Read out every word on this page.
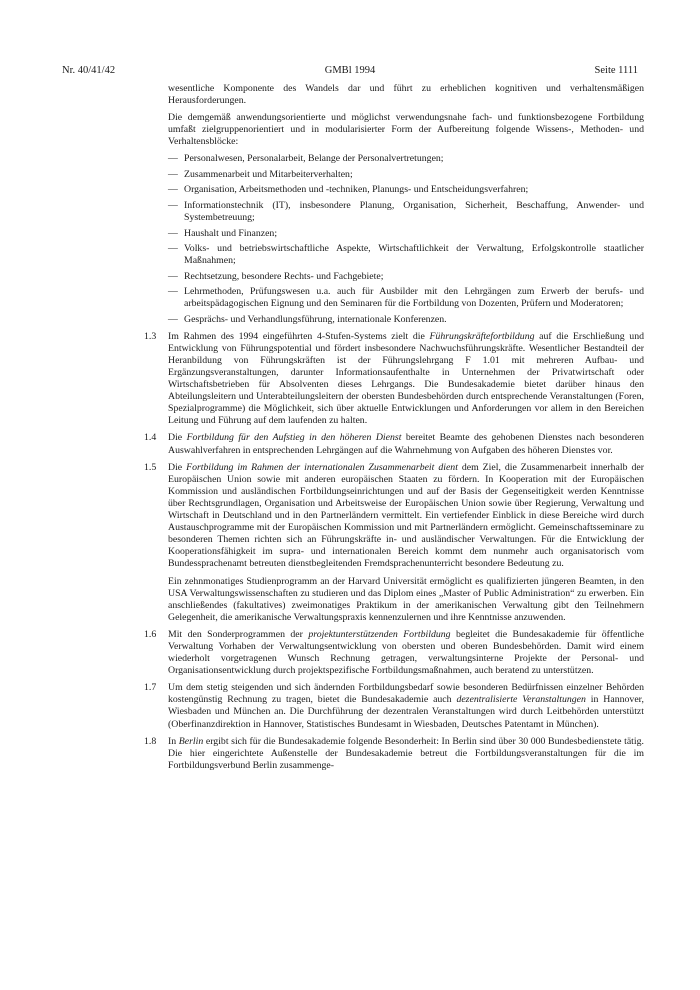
Nr. 40/41/42	GMBl 1994	Seite 1111

wesentliche Komponente des Wandels dar und führt zu erheblichen kognitiven und verhaltensmäßigen Herausforderungen.

Die demgemäß anwendungsorientierte und möglichst verwendungsnahe fach- und funktionsbezogene Fortbildung umfaßt zielgruppenorientiert und in modularisierter Form der Aufbereitung folgende Wissens-, Methoden- und Verhaltensblöcke:

— Personalwesen, Personalarbeit, Belange der Personalvertretungen;
— Zusammenarbeit und Mitarbeiterverhalten;
— Organisation, Arbeitsmethoden und -techniken, Planungs- und Entscheidungsverfahren;
— Informationstechnik (IT), insbesondere Planung, Organisation, Sicherheit, Beschaffung, Anwender- und Systembetreuung;
— Haushalt und Finanzen;
— Volks- und betriebswirtschaftliche Aspekte, Wirtschaftlichkeit der Verwaltung, Erfolgskontrolle staatlicher Maßnahmen;
— Rechtsetzung, besondere Rechts- und Fachgebiete;
— Lehrmethoden, Prüfungswesen u.a. auch für Ausbilder mit den Lehrgängen zum Erwerb der berufs- und arbeitspädagogischen Eignung und den Seminaren für die Fortbildung von Dozenten, Prüfern und Moderatoren;
— Gesprächs- und Verhandlungsführung, internationale Konferenzen.
1.3 Im Rahmen des 1994 eingeführten 4-Stufen-Systems zielt die Führungskräftefortbildung auf die Erschließung und Entwicklung von Führungspotential und fördert insbesondere Nachwuchsführungskräfte. Wesentlicher Bestandteil der Heranbildung von Führungskräften ist der Führungslehrgang F 1.01 mit mehreren Aufbau- und Ergänzungsveranstaltungen, darunter Informationsaufenthalte in Unternehmen der Privatwirtschaft oder Wirtschaftsbetrieben für Absolventen dieses Lehrgangs. Die Bundesakademie bietet darüber hinaus den Abteilungsleitern und Unterabteilungsleitern der obersten Bundesbehörden durch entsprechende Veranstaltungen (Foren, Spezialprogramme) die Möglichkeit, sich über aktuelle Entwicklungen und Anforderungen vor allem in den Bereichen Leitung und Führung auf dem laufenden zu halten.

1.4 Die Fortbildung für den Aufstieg in den höheren Dienst bereitet Beamte des gehobenen Dienstes nach besonderen Auswahlverfahren in entsprechenden Lehrgängen auf die Wahrnehmung von Aufgaben des höheren Dienstes vor.

1.5 Die Fortbildung im Rahmen der internationalen Zusammenarbeit dient dem Ziel, die Zusammenarbeit innerhalb der Europäischen Union sowie mit anderen europäischen Staaten zu fördern. In Kooperation mit der Europäischen Kommission und ausländischen Fortbildungseinrichtungen und auf der Basis der Gegenseitigkeit werden Kenntnisse über Rechtsgrundlagen, Organisation und Arbeitsweise der Europäischen Union sowie über Regierung, Verwaltung und Wirtschaft in Deutschland und in den Partnerländern vermittelt. Ein vertiefender Einblick in diese Bereiche wird durch Austauschprogramme mit der Europäischen Kommission und mit Partnerländern ermöglicht. Gemeinschaftsseminare zu besonderen Themen richten sich an Führungskräfte in- und ausländischer Verwaltungen. Für die Entwicklung der Kooperationsfähigkeit im supra- und internationalen Bereich kommt dem nunmehr auch organisatorisch vom Bundessprachenamt betreuten dienstbegleitenden Fremdsprachenunterricht besondere Bedeutung zu.

Ein zehnmonatiges Studienprogramm an der Harvard Universität ermöglicht es qualifizierten jüngeren Beamten, in den USA Verwaltungswissenschaften zu studieren und das Diplom eines „Master of Public Administration“ zu erwerben. Ein anschließendes (fakultatives) zweimonatiges Praktikum in der amerikanischen Verwaltung gibt den Teilnehmern Gelegenheit, die amerikanische Verwaltungspraxis kennenzulernen und ihre Kenntnisse anzuwenden.

1.6 Mit den Sonderprogrammen der projektunterstützenden Fortbildung begleitet die Bundesakademie für öffentliche Verwaltung Vorhaben der Verwaltungsentwicklung von obersten und oberen Bundesbehörden. Damit wird einem wiederholt vorgetragenen Wunsch Rechnung getragen, verwaltungsinterne Projekte der Personal- und Organisationsentwicklung durch projektspezifische Fortbildungsmaßnahmen, auch beratend zu unterstützen.

1.7 Um dem stetig steigenden und sich ändernden Fortbildungsbedarf sowie besonderen Bedürfnissen einzelner Behörden kostengünstig Rechnung zu tragen, bietet die Bundesakademie auch dezentralisierte Veranstaltungen in Hannover, Wiesbaden und München an. Die Durchführung der dezentralen Veranstaltungen wird durch Leitbehörden unterstützt (Oberfinanzdirektion in Hannover, Statistisches Bundesamt in Wiesbaden, Deutsches Patentamt in München).

1.8 In Berlin ergibt sich für die Bundesakademie folgende Besonderheit: In Berlin sind über 30 000 Bundesbedienstete tätig. Die hier eingerichtete Außenstelle der Bundesakademie betreut die Fortbildungsveranstaltungen für die im Fortbildungsverbund Berlin zusammenge-
